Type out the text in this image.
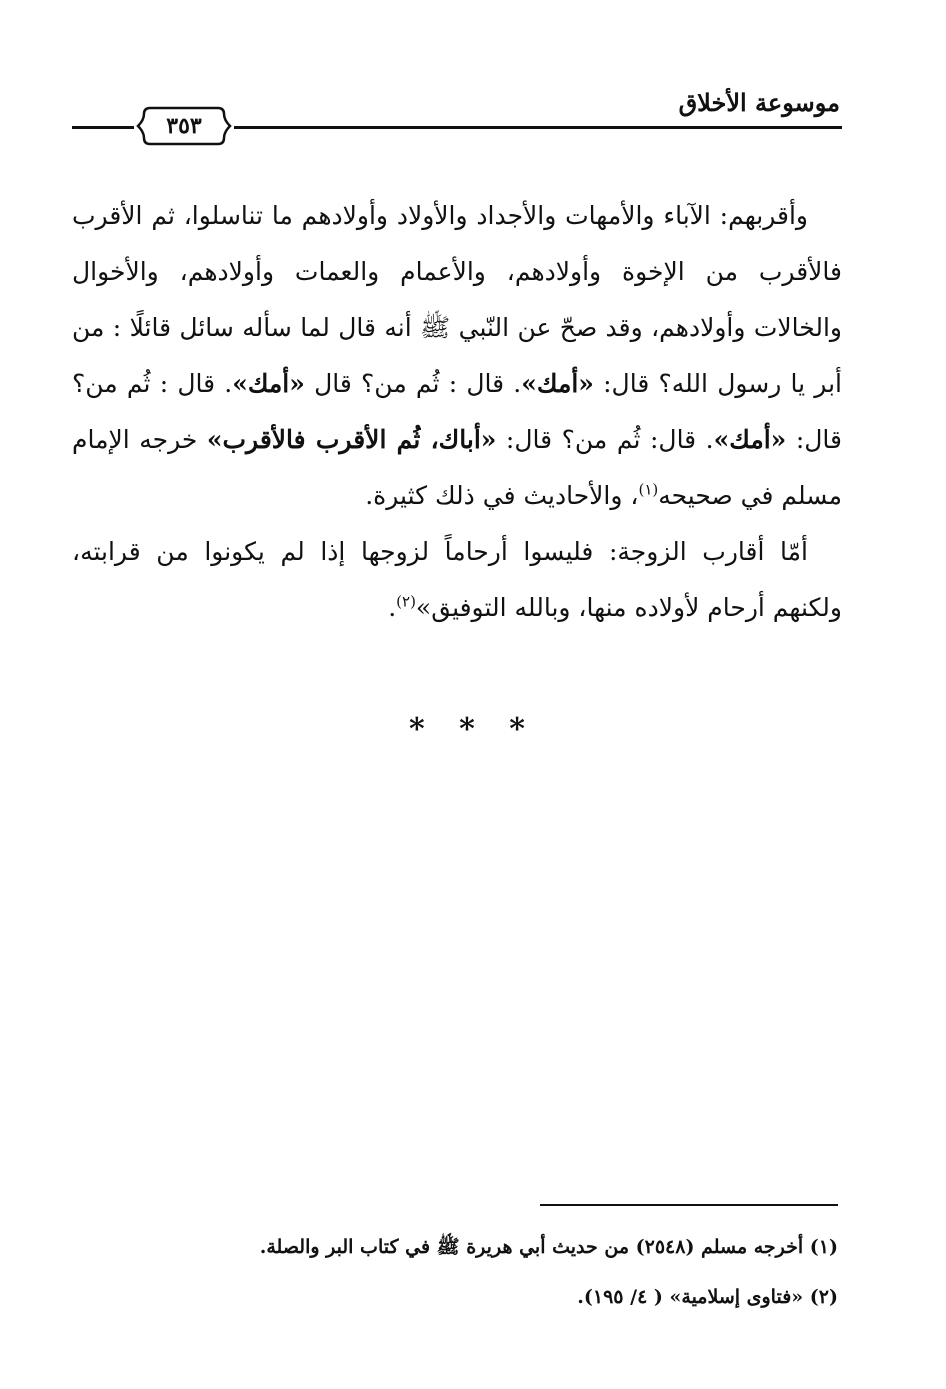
موسوعة الأخلاق
٣٥٣

وأقربهم: الآباء والأمهات والأجداد والأولاد وأولادهم ما تناسلوا، ثم الأقرب فالأقرب من الإخوة وأولادهم، والأعمام والعمات وأولادهم، والأخوال والخالات وأولادهم، وقد صحّ عن النّبي ﷺ أنه قال لما سأله سائل قائلًا : من أبر يا رسول الله؟ قال: «أمك». قال : ثُم من؟ قال «أمك». قال : ثُم من؟ قال: «أمك». قال: ثُم من؟ قال: «أباك، ثُم الأقرب فالأقرب» خرجه الإمام مسلم في صحيحه$^{(١)}$، والأحاديث في ذلك كثيرة.

أمّا أقارب الزوجة: فليسوا أرحاماً لزوجها إذا لم يكونوا من قرابته، ولكنهم أرحام لأولاده منها، وبالله التوفيق»$^{(٢)}$.

* * *
(١) أخرجه مسلم (٢٥٤٨) من حديث أبي هريرة ﷺ في كتاب البر والصلة.
(٢) «فتاوى إسلامية» ( ٤/ ١٩٥).
